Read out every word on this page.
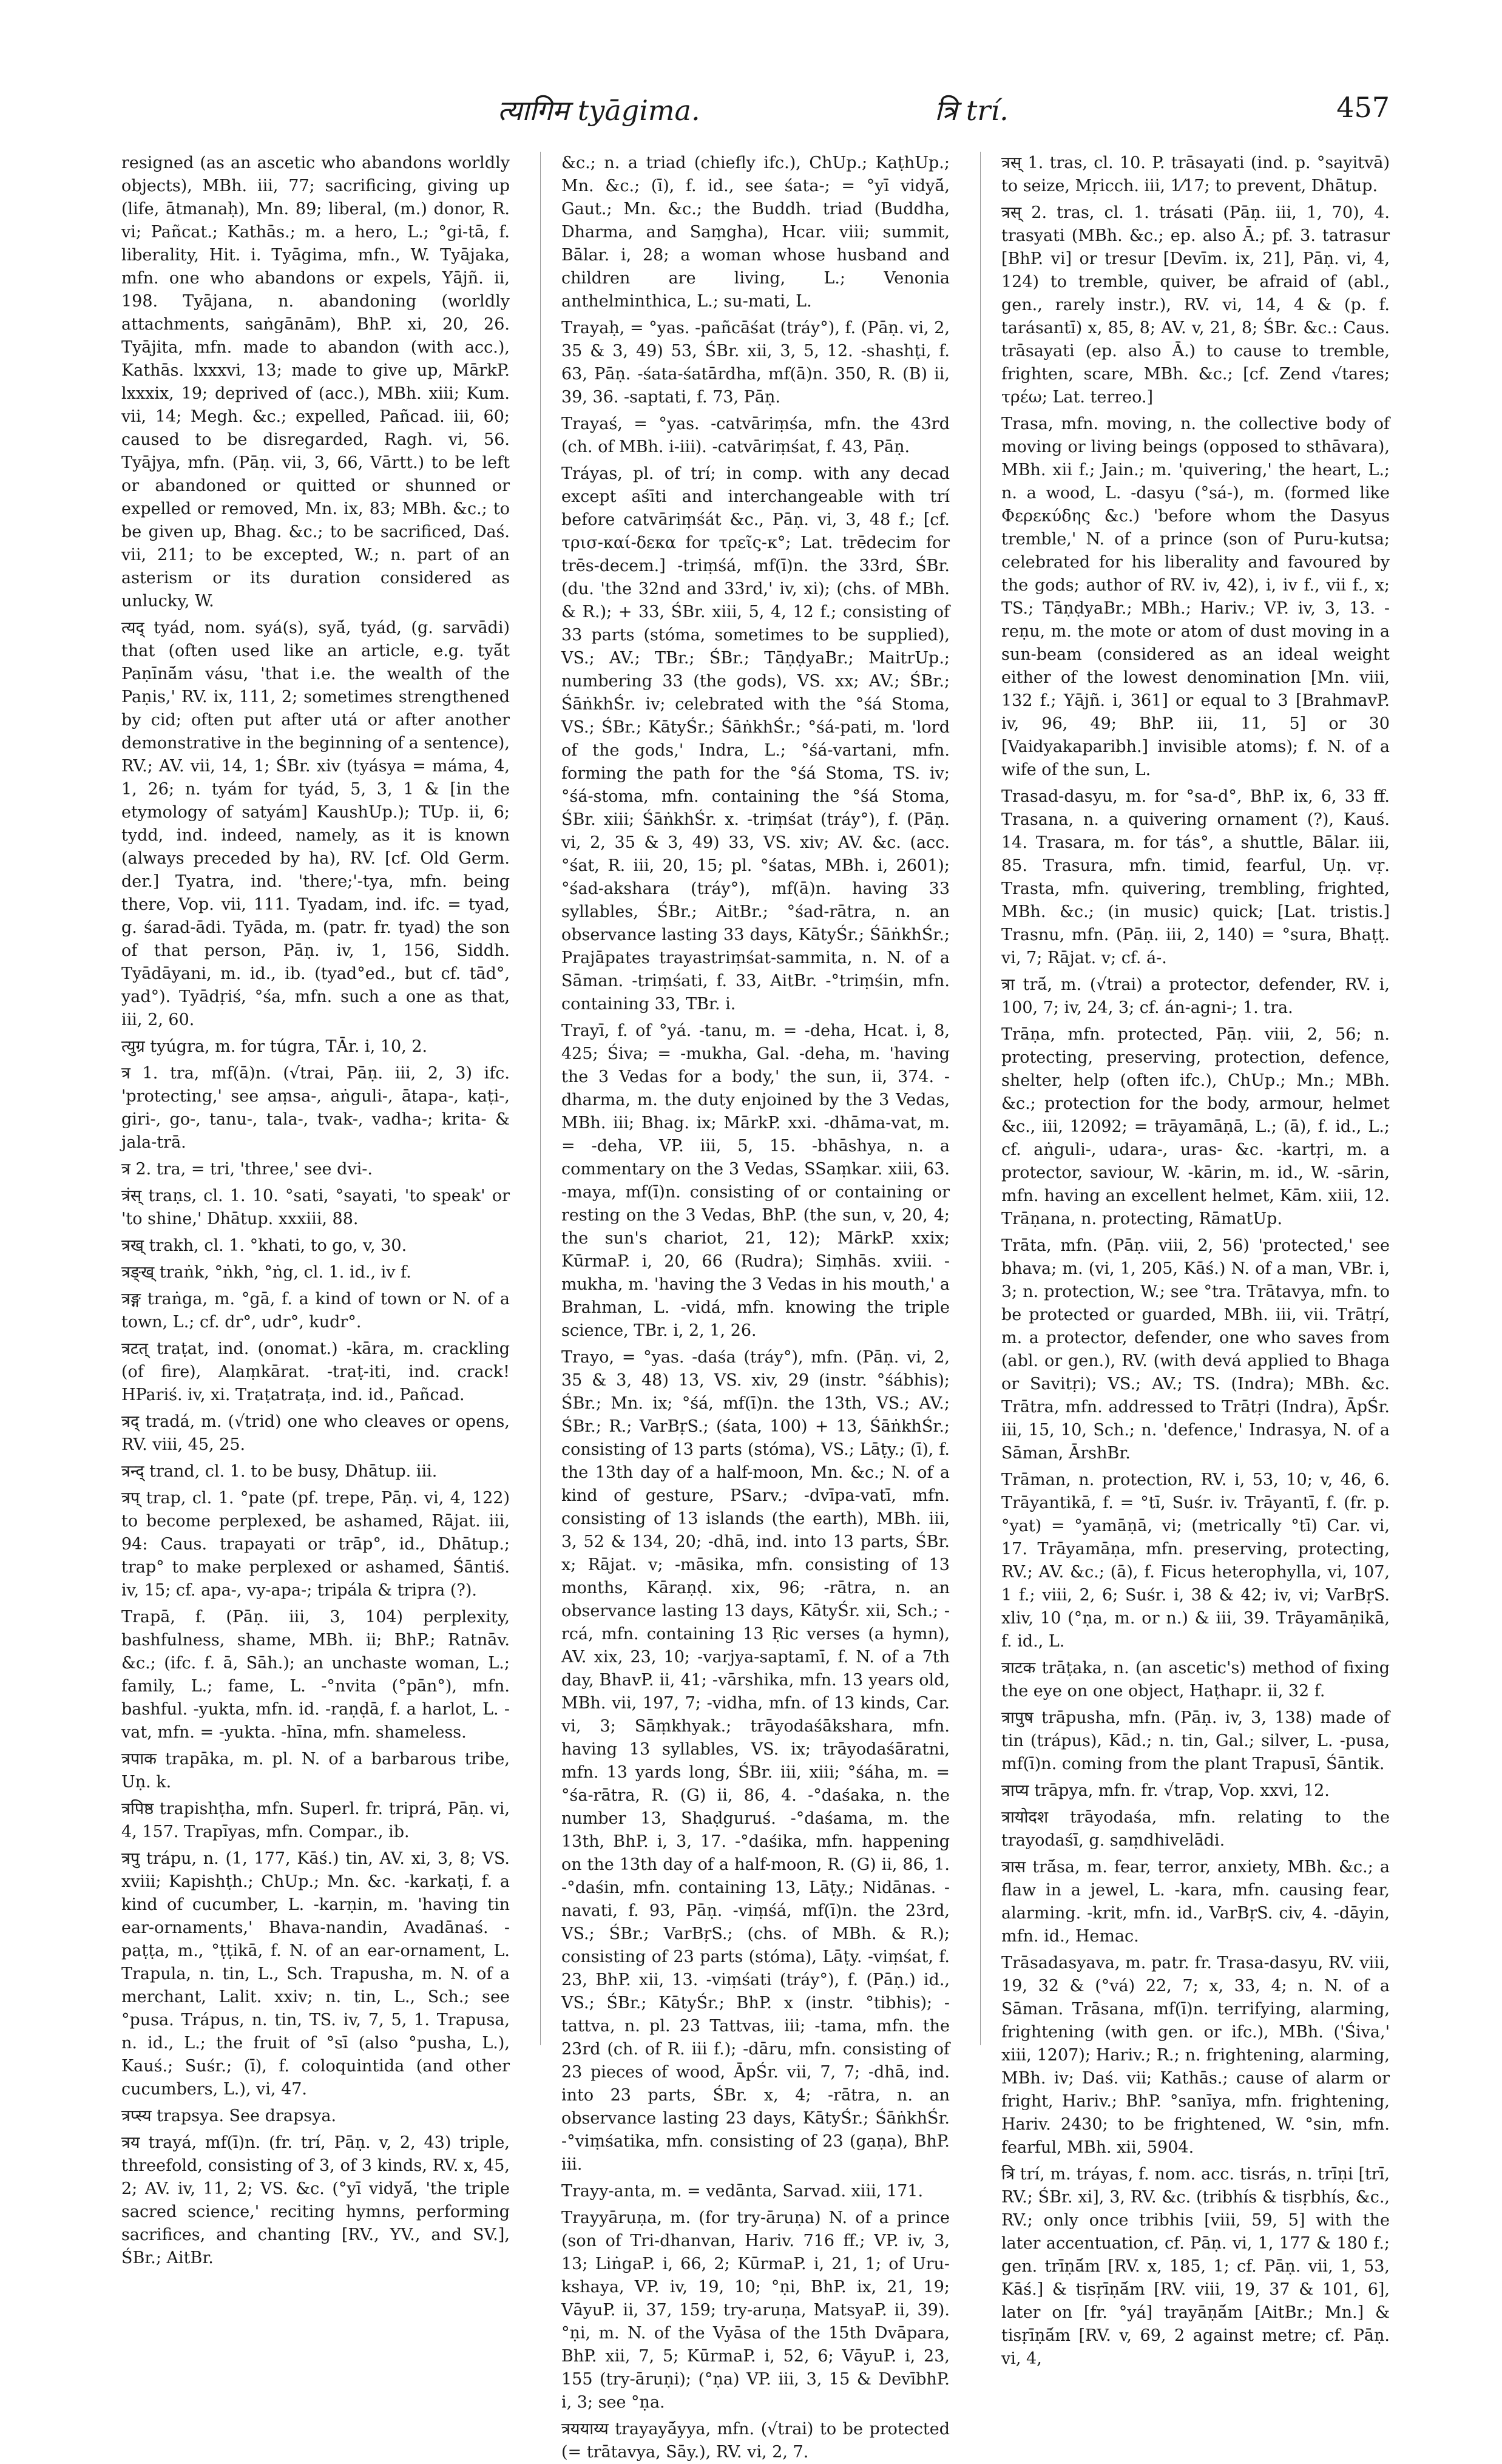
त्यागिम tyāgima.	त्रि trí.	457

resigned (as an ascetic who abandons worldly objects), MBh. iii, 77; sacrificing, giving up (life, ātmanaḥ), Mn. 89; liberal, (m.) donor, R. vi; Pañcat.; Kathās.; m. a hero, L.; °gi-tā, f. liberality, Hit. i. Tyāgima, mfn., W. Tyājaka, mfn. one who abandons or expels, Yājñ. ii, 198. Tyājana, n. abandoning (worldly attachments, saṅgānām), BhP. xi, 20, 26. Tyājita, mfn. made to abandon (with acc.), Kathās. lxxxvi, 13; made to give up, MārkP. lxxxix, 19; deprived of (acc.), MBh. xiii; Kum. vii, 14; Megh. &c.; expelled, Pañcad. iii, 60; caused to be disregarded, Ragh. vi, 56. Tyājya, mfn. (Pāṇ. vii, 3, 66, Vārtt.) to be left or abandoned or quitted or shunned or expelled or removed, Mn. ix, 83; MBh. &c.; to be given up, Bhag. &c.; to be sacrificed, Daś. vii, 211; to be excepted, W.; n. part of an asterism or its duration considered as unlucky, W.

त्यद् tyád, nom. syá(s), syā́, tyád, (g. sarvādi) that (often used like an article, e.g. tyā́t Paṇīnā́m vásu, 'that i.e. the wealth of the Paṇis,' RV. ix, 111, 2; sometimes strengthened by cid; often put after utá or after another demonstrative in the beginning of a sentence), RV.; AV. vii, 14, 1; ŚBr. xiv (tyásya = máma, 4, 1, 26; n. tyám for tyád, 5, 3, 1 & [in the etymology of satyám] KaushUp.); TUp. ii, 6; tydd, ind. indeed, namely, as it is known (always preceded by ha), RV. [cf. Old Germ. der.] Tyatra, ind. 'there;'-tya, mfn. being there, Vop. vii, 111. Tyadam, ind. ifc. = tyad, g. śarad-ādi. Tyāda, m. (patr. fr. tyad) the son of that person, Pāṇ. iv, 1, 156, Siddh. Tyādāyani, m. id., ib. (tyad°ed., but cf. tād°, yad°). Tyādṛiś, °śa, mfn. such a one as that, iii, 2, 60.

त्युग्र tyúgra, m. for túgra, TĀr. i, 10, 2.

त्र 1. tra, mf(ā)n. (√trai, Pāṇ. iii, 2, 3) ifc. 'protecting,' see aṃsa-, aṅguli-, ātapa-, kaṭi-, giri-, go-, tanu-, tala-, tvak-, vadha-; krita- & jala-trā.

त्र 2. tra, = tri, 'three,' see dvi-.

त्रंस् traṇs, cl. 1. 10. °sati, °sayati, 'to speak' or 'to shine,' Dhātup. xxxiii, 88.

त्रख् trakh, cl. 1. °khati, to go, v, 30.

त्रङ्ख् traṅk, °ṅkh, °ṅg, cl. 1. id., iv f.

त्रङ्ग traṅga, m. °gā, f. a kind of town or N. of a town, L.; cf. dr°, udr°, kudr°.

त्रटत् traṭat, ind. (onomat.) -kāra, m. crackling (of fire), Alaṃkārat. -traṭ-iti, ind. crack! HPariś. iv, xi. Traṭatraṭa, ind. id., Pañcad.

त्रद् tradá, m. (√trid) one who cleaves or opens, RV. viii, 45, 25.

त्रन्द् trand, cl. 1. to be busy, Dhātup. iii.

त्रप् trap, cl. 1. °pate (pf. trepe, Pāṇ. vi, 4, 122) to become perplexed, be ashamed, Rājat. iii, 94: Caus. trapayati or trāp°, id., Dhātup.; trap° to make perplexed or ashamed, Śāntiś. iv, 15; cf. apa-, vy-apa-; tripála & tripra (?).

Trapā, f. (Pāṇ. iii, 3, 104) perplexity, bashfulness, shame, MBh. ii; BhP.; Ratnāv. &c.; (ifc. f. ā, Sāh.); an unchaste woman, L.; family, L.; fame, L. -°nvita (°pān°), mfn. bashful. -yukta, mfn. id. -raṇḍā, f. a harlot, L. -vat, mfn. = -yukta. -hīna, mfn. shameless.

त्रपाक trapāka, m. pl. N. of a barbarous tribe, Uṇ. k.

त्रपिष्ठ trapishṭha, mfn. Superl. fr. triprá, Pāṇ. vi, 4, 157. Trapīyas, mfn. Compar., ib.

त्रपु trápu, n. (1, 177, Kāś.) tin, AV. xi, 3, 8; VS. xviii; Kapishṭh.; ChUp.; Mn. &c. -karkaṭi, f. a kind of cucumber, L. -karṇin, m. 'having tin ear-ornaments,' Bhava-nandin, Avadānaś. -paṭṭa, m., °ṭṭikā, f. N. of an ear-ornament, L. Trapula, n. tin, L., Sch. Trapusha, m. N. of a merchant, Lalit. xxiv; n. tin, L., Sch.; see °pusa. Trápus, n. tin, TS. iv, 7, 5, 1. Trapusa, n. id., L.; the fruit of °sī (also °pusha, L.), Kauś.; Suśr.; (ī), f. coloquintida (and other cucumbers, L.), vi, 47.

त्रप्स्य trapsya. See drapsya.

त्रय trayá, mf(ī)n. (fr. trí, Pāṇ. v, 2, 43) triple, threefold, consisting of 3, of 3 kinds, RV. x, 45, 2; AV. iv, 11, 2; VS. &c. (°yī vidyā́, 'the triple sacred science,' reciting hymns, performing sacrifices, and chanting [RV., YV., and SV.], ŚBr.; AitBr.

&c.; n. a triad (chiefly ifc.), ChUp.; KaṭhUp.; Mn. &c.; (ī), f. id., see śata-; = °yī vidyā́, Gaut.; Mn. &c.; the Buddh. triad (Buddha, Dharma, and Saṃgha), Hcar. viii; summit, Bālar. i, 28; a woman whose husband and children are living, L.; Venonia anthelminthica, L.; su-mati, L.

Trayaḥ, = °yas. -pañcāśat (tráy°), f. (Pāṇ. vi, 2, 35 & 3, 49) 53, ŚBr. xii, 3, 5, 12. -shashṭi, f. 63, Pāṇ. -śata-śatārdha, mf(ā)n. 350, R. (B) ii, 39, 36. -saptati, f. 73, Pāṇ.

Trayaś, = °yas. -catvāriṃśa, mfn. the 43rd (ch. of MBh. i-iii). -catvāriṃśat, f. 43, Pāṇ.

Tráyas, pl. of trí; in comp. with any decad except aśīti and interchangeable with trí before catvāriṃśát &c., Pāṇ. vi, 3, 48 f.; [cf. τρισ-καί-δεκα for τρεῖς-κ°; Lat. trēdecim for trēs-decem.] -triṃśá, mf(ī)n. the 33rd, ŚBr. (du. 'the 32nd and 33rd,' iv, xi); (chs. of MBh. & R.); + 33, ŚBr. xiii, 5, 4, 12 f.; consisting of 33 parts (stóma, sometimes to be supplied), VS.; AV.; TBr.; ŚBr.; TāṇḍyaBr.; MaitrUp.; numbering 33 (the gods), VS. xx; AV.; ŚBr.; ŚāṅkhŚr. iv; celebrated with the °śá Stoma, VS.; ŚBr.; KātyŚr.; ŚāṅkhŚr.; °śá-pati, m. 'lord of the gods,' Indra, L.; °śá-vartani, mfn. forming the path for the °śá Stoma, TS. iv; °śá-stoma, mfn. containing the °śá Stoma, ŚBr. xiii; ŚāṅkhŚr. x. -triṃśat (tráy°), f. (Pāṇ. vi, 2, 35 & 3, 49) 33, VS. xiv; AV. &c. (acc. °śat, R. iii, 20, 15; pl. °śatas, MBh. i, 2601); °śad-akshara (tráy°), mf(ā)n. having 33 syllables, ŚBr.; AitBr.; °śad-rātra, n. an observance lasting 33 days, KātyŚr.; ŚāṅkhŚr.; Prajāpates trayastriṃśat-sammita, n. N. of a Sāman. -triṃśati, f. 33, AitBr. -°triṃśin, mfn. containing 33, TBr. i.

Trayī, f. of °yá. -tanu, m. = -deha, Hcat. i, 8, 425; Śiva; = -mukha, Gal. -deha, m. 'having the 3 Vedas for a body,' the sun, ii, 374. -dharma, m. the duty enjoined by the 3 Vedas, MBh. iii; Bhag. ix; MārkP. xxi. -dhāma-vat, m. = -deha, VP. iii, 5, 15. -bhāshya, n. a commentary on the 3 Vedas, SSaṃkar. xiii, 63. -maya, mf(ī)n. consisting of or containing or resting on the 3 Vedas, BhP. (the sun, v, 20, 4; the sun's chariot, 21, 12); MārkP. xxix; KūrmaP. i, 20, 66 (Rudra); Siṃhās. xviii. -mukha, m. 'having the 3 Vedas in his mouth,' a Brahman, L. -vidá, mfn. knowing the triple science, TBr. i, 2, 1, 26.

Trayo, = °yas. -daśa (tráy°), mfn. (Pāṇ. vi, 2, 35 & 3, 48) 13, VS. xiv, 29 (instr. °śábhis); ŚBr.; Mn. ix; °śá, mf(ī)n. the 13th, VS.; AV.; ŚBr.; R.; VarBṛS.; (śata, 100) + 13, ŚāṅkhŚr.; consisting of 13 parts (stóma), VS.; Lāṭy.; (ī), f. the 13th day of a half-moon, Mn. &c.; N. of a kind of gesture, PSarv.; -dvīpa-vatī, mfn. consisting of 13 islands (the earth), MBh. iii, 3, 52 & 134, 20; -dhā, ind. into 13 parts, ŚBr. x; Rājat. v; -māsika, mfn. consisting of 13 months, Kāraṇḍ. xix, 96; -rātra, n. an observance lasting 13 days, KātyŚr. xii, Sch.; -rcá, mfn. containing 13 Ṛic verses (a hymn), AV. xix, 23, 10; -varjya-saptamī, f. N. of a 7th day, BhavP. ii, 41; -vārshika, mfn. 13 years old, MBh. vii, 197, 7; -vidha, mfn. of 13 kinds, Car. vi, 3; Sāṃkhyak.; trāyodaśākshara, mfn. having 13 syllables, VS. ix; trāyodaśāratni, mfn. 13 yards long, ŚBr. iii, xiii; °śáha, m. = °śa-rātra, R. (G) ii, 86, 4. -°daśaka, n. the number 13, Shaḍguruś. -°daśama, m. the 13th, BhP. i, 3, 17. -°daśika, mfn. happening on the 13th day of a half-moon, R. (G) ii, 86, 1. -°daśin, mfn. containing 13, Lāṭy.; Nidānas. -navati, f. 93, Pāṇ. -viṃśá, mf(ī)n. the 23rd, VS.; ŚBr.; VarBṛS.; (chs. of MBh. & R.); consisting of 23 parts (stóma), Lāṭy. -viṃśat, f. 23, BhP. xii, 13. -viṃśati (tráy°), f. (Pāṇ.) id., VS.; ŚBr.; KātyŚr.; BhP. x (instr. °tibhis); -tattva, n. pl. 23 Tattvas, iii; -tama, mfn. the 23rd (ch. of R. iii f.); -dāru, mfn. consisting of 23 pieces of wood, ĀpŚr. vii, 7, 7; -dhā, ind. into 23 parts, ŚBr. x, 4; -rātra, n. an observance lasting 23 days, KātyŚr.; ŚāṅkhŚr. -°viṃśatika, mfn. consisting of 23 (gaṇa), BhP. iii.

Trayy-anta, m. = vedānta, Sarvad. xiii, 171.

Trayyāruṇa, m. (for try-āruṇa) N. of a prince (son of Tri-dhanvan, Hariv. 716 ff.; VP. iv, 3, 13; LiṅgaP. i, 66, 2; KūrmaP. i, 21, 1; of Uru-kshaya, VP. iv, 19, 10; °ṇi, BhP. ix, 21, 19; VāyuP. ii, 37, 159; try-aruṇa, MatsyaP. ii, 39). °ṇi, m. N. of the Vyāsa of the 15th Dvāpara, BhP. xii, 7, 5; KūrmaP. i, 52, 6; VāyuP. i, 23, 155 (try-āruṇi); (°ṇa) VP. iii, 3, 15 & DevībhP. i, 3; see °ṇa.

त्रययाय्य trayayā́yya, mfn. (√trai) to be protected (= trātavya, Sāy.), RV. vi, 2, 7.

त्रस् 1. tras, cl. 10. P. trāsayati (ind. p. °sayitvā) to seize, Mṛicch. iii, 1⁄17; to prevent, Dhātup.

त्रस् 2. tras, cl. 1. trásati (Pāṇ. iii, 1, 70), 4. trasyati (MBh. &c.; ep. also Ā.; pf. 3. tatrasur [BhP. vi] or tresur [Devīm. ix, 21], Pāṇ. vi, 4, 124) to tremble, quiver, be afraid of (abl., gen., rarely instr.), RV. vi, 14, 4 & (p. f. tarásantī) x, 85, 8; AV. v, 21, 8; ŚBr. &c.: Caus. trāsayati (ep. also Ā.) to cause to tremble, frighten, scare, MBh. &c.; [cf. Zend √tares; τρέω; Lat. terreo.]

Trasa, mfn. moving, n. the collective body of moving or living beings (opposed to sthāvara), MBh. xii f.; Jain.; m. 'quivering,' the heart, L.; n. a wood, L. -dasyu (°sá-), m. (formed like Φερεκύδης &c.) 'before whom the Dasyus tremble,' N. of a prince (son of Puru-kutsa; celebrated for his liberality and favoured by the gods; author of RV. iv, 42), i, iv f., vii f., x; TS.; TāṇḍyaBr.; MBh.; Hariv.; VP. iv, 3, 13. -reṇu, m. the mote or atom of dust moving in a sun-beam (considered as an ideal weight either of the lowest denomination [Mn. viii, 132 f.; Yājñ. i, 361] or equal to 3 [BrahmavP. iv, 96, 49; BhP. iii, 11, 5] or 30 [Vaidyakaparibh.] invisible atoms); f. N. of a wife of the sun, L.

Trasad-dasyu, m. for °sa-d°, BhP. ix, 6, 33 ff. Trasana, n. a quivering ornament (?), Kauś. 14. Trasara, m. for tás°, a shuttle, Bālar. iii, 85. Trasura, mfn. timid, fearful, Uṇ. vṛ. Trasta, mfn. quivering, trembling, frighted, MBh. &c.; (in music) quick; [Lat. tristis.] Trasnu, mfn. (Pāṇ. iii, 2, 140) = °sura, Bhaṭṭ. vi, 7; Rājat. v; cf. á-.

त्रा trā́, m. (√trai) a protector, defender, RV. i, 100, 7; iv, 24, 3; cf. án-agni-; 1. tra.

Trāṇa, mfn. protected, Pāṇ. viii, 2, 56; n. protecting, preserving, protection, defence, shelter, help (often ifc.), ChUp.; Mn.; MBh. &c.; protection for the body, armour, helmet &c., iii, 12092; = trāyamāṇā, L.; (ā), f. id., L.; cf. aṅguli-, udara-, uras- &c. -kartṛi, m. a protector, saviour, W. -kārin, m. id., W. -sārin, mfn. having an excellent helmet, Kām. xiii, 12. Trāṇana, n. protecting, RāmatUp.

Trāta, mfn. (Pāṇ. viii, 2, 56) 'protected,' see bhava; m. (vi, 1, 205, Kāś.) N. of a man, VBr. i, 3; n. protection, W.; see °tra. Trātavya, mfn. to be protected or guarded, MBh. iii, vii. Trātṛí, m. a protector, defender, one who saves from (abl. or gen.), RV. (with devá applied to Bhaga or Savitṛi); VS.; AV.; TS. (Indra); MBh. &c. Trātra, mfn. addressed to Trātṛi (Indra), ĀpŚr. iii, 15, 10, Sch.; n. 'defence,' Indrasya, N. of a Sāman, ĀrshBr.

Trāman, n. protection, RV. i, 53, 10; v, 46, 6. Trāyantikā, f. = °tī, Suśr. iv. Trāyantī, f. (fr. p. °yat) = °yamāṇā, vi; (metrically °tī) Car. vi, 17. Trāyamāṇa, mfn. preserving, protecting, RV.; AV. &c.; (ā), f. Ficus heterophylla, vi, 107, 1 f.; viii, 2, 6; Suśr. i, 38 & 42; iv, vi; VarBṛS. xliv, 10 (°ṇa, m. or n.) & iii, 39. Trāyamāṇikā, f. id., L.

त्राटक trāṭaka, n. (an ascetic's) method of fixing the eye on one object, Haṭhapr. ii, 32 f.

त्रापुष trāpusha, mfn. (Pāṇ. iv, 3, 138) made of tin (trápus), Kād.; n. tin, Gal.; silver, L. -pusa, mf(ī)n. coming from the plant Trapusī, Śāntik.

त्राप्य trāpya, mfn. fr. √trap, Vop. xxvi, 12.

त्रायोदश trāyodaśa, mfn. relating to the trayodaśī, g. saṃdhivelādi.

त्रास trā́sa, m. fear, terror, anxiety, MBh. &c.; a flaw in a jewel, L. -kara, mfn. causing fear, alarming. -krit, mfn. id., VarBṛS. civ, 4. -dāyin, mfn. id., Hemac.

Trāsadasyava, m. patr. fr. Trasa-dasyu, RV. viii, 19, 32 & (°vá) 22, 7; x, 33, 4; n. N. of a Sāman. Trāsana, mf(ī)n. terrifying, alarming, frightening (with gen. or ifc.), MBh. ('Śiva,' xiii, 1207); Hariv.; R.; n. frightening, alarming, MBh. iv; Daś. vii; Kathās.; cause of alarm or fright, Hariv.; BhP. °sanīya, mfn. frightening, Hariv. 2430; to be frightened, W. °sin, mfn. fearful, MBh. xii, 5904.

त्रि trí, m. tráyas, f. nom. acc. tisrás, n. trīṇi [trī, RV.; ŚBr. xi], 3, RV. &c. (tribhís & tisṛbhís, &c., RV.; only once tribhis [viii, 59, 5] with the later accentuation, cf. Pāṇ. vi, 1, 177 & 180 f.; gen. trīṇā́m [RV. x, 185, 1; cf. Pāṇ. vii, 1, 53, Kāś.] & tisṛīṇā́m [RV. viii, 19, 37 & 101, 6], later on [fr. °yá] trayāṇā́m [AitBr.; Mn.] & tisṛīṇā́m [RV. v, 69, 2 against metre; cf. Pāṇ. vi, 4,
